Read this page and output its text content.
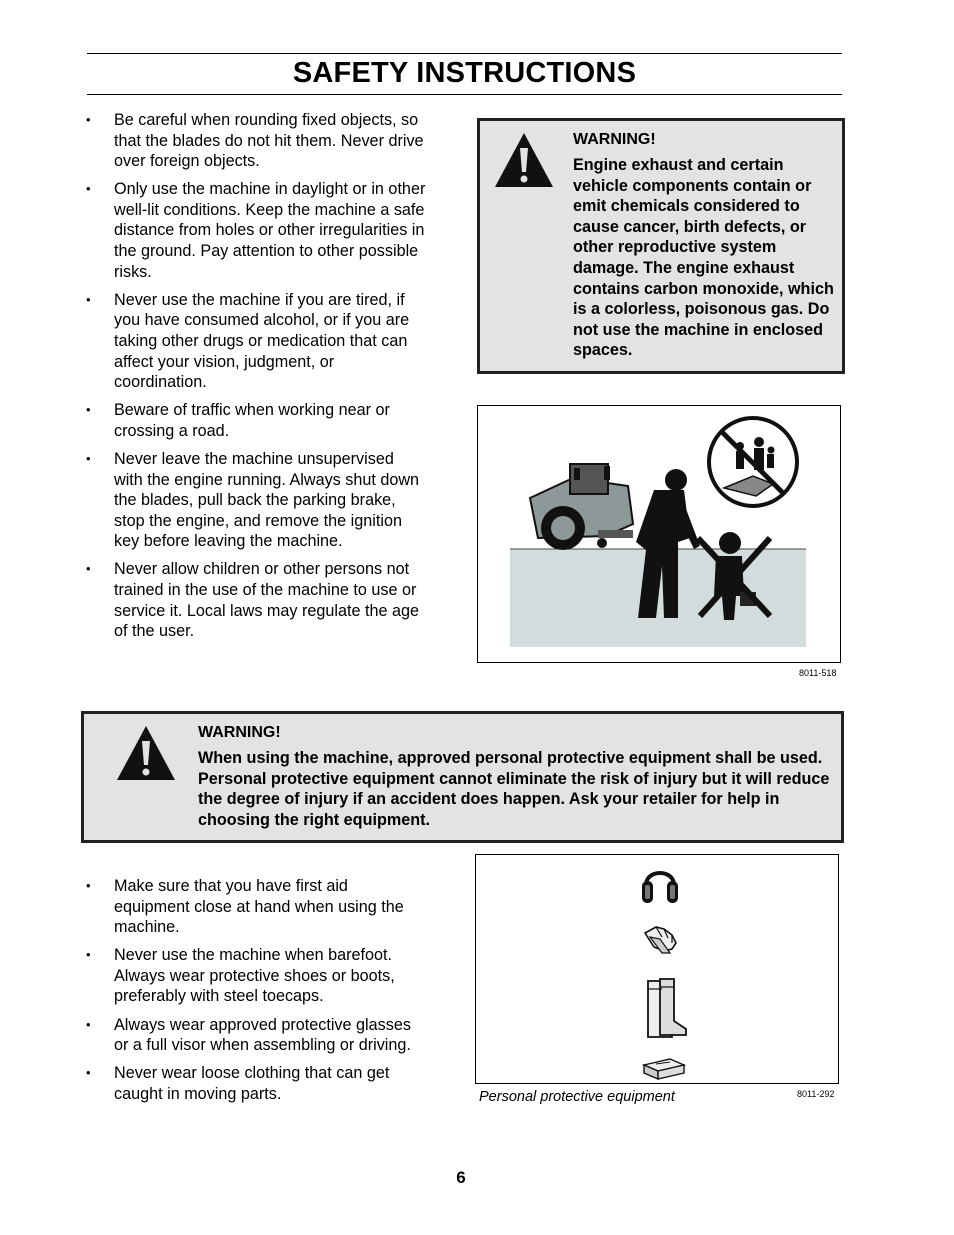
SAFETY INSTRUCTIONS
• Be careful when rounding fixed objects, so that the blades do not hit them. Never drive over foreign objects.
• Only use the machine in daylight or in other well-lit conditions. Keep the machine a safe distance from holes or other irregularities in the ground. Pay attention to other possible risks.
• Never use the machine if you are tired, if you have consumed alcohol, or if you are taking other drugs or medication that can affect your vision, judgment, or coordination.
• Beware of traffic when working near or crossing a road.
• Never leave the machine unsupervised with the engine running. Always shut down the blades, pull back the parking brake, stop the engine, and remove the ignition key before leaving the machine.
• Never allow children or other persons not trained in the use of the machine to use or service it. Local laws may regulate the age of the user.
WARNING!
Engine exhaust and certain vehicle components contain or emit chemicals considered to cause cancer, birth defects, or other reproductive system damage. The engine exhaust contains carbon monoxide, which is a colorless, poisonous gas. Do not use the machine in enclosed spaces.
8011-518
WARNING!
When using the machine, approved personal protective equipment shall be used. Personal protective equipment cannot eliminate the risk of injury but it will reduce the degree of injury if an accident does happen. Ask your retailer for help in choosing the right equipment.
• Make sure that you have first aid equipment close at hand when using the machine.
• Never use the machine when barefoot. Always wear protective shoes or boots, preferably with steel toecaps.
• Always wear approved protective glasses or a full visor when assembling or driving.
• Never wear loose clothing that can get caught in moving parts.	Personal protective equipment	8011-292
6
